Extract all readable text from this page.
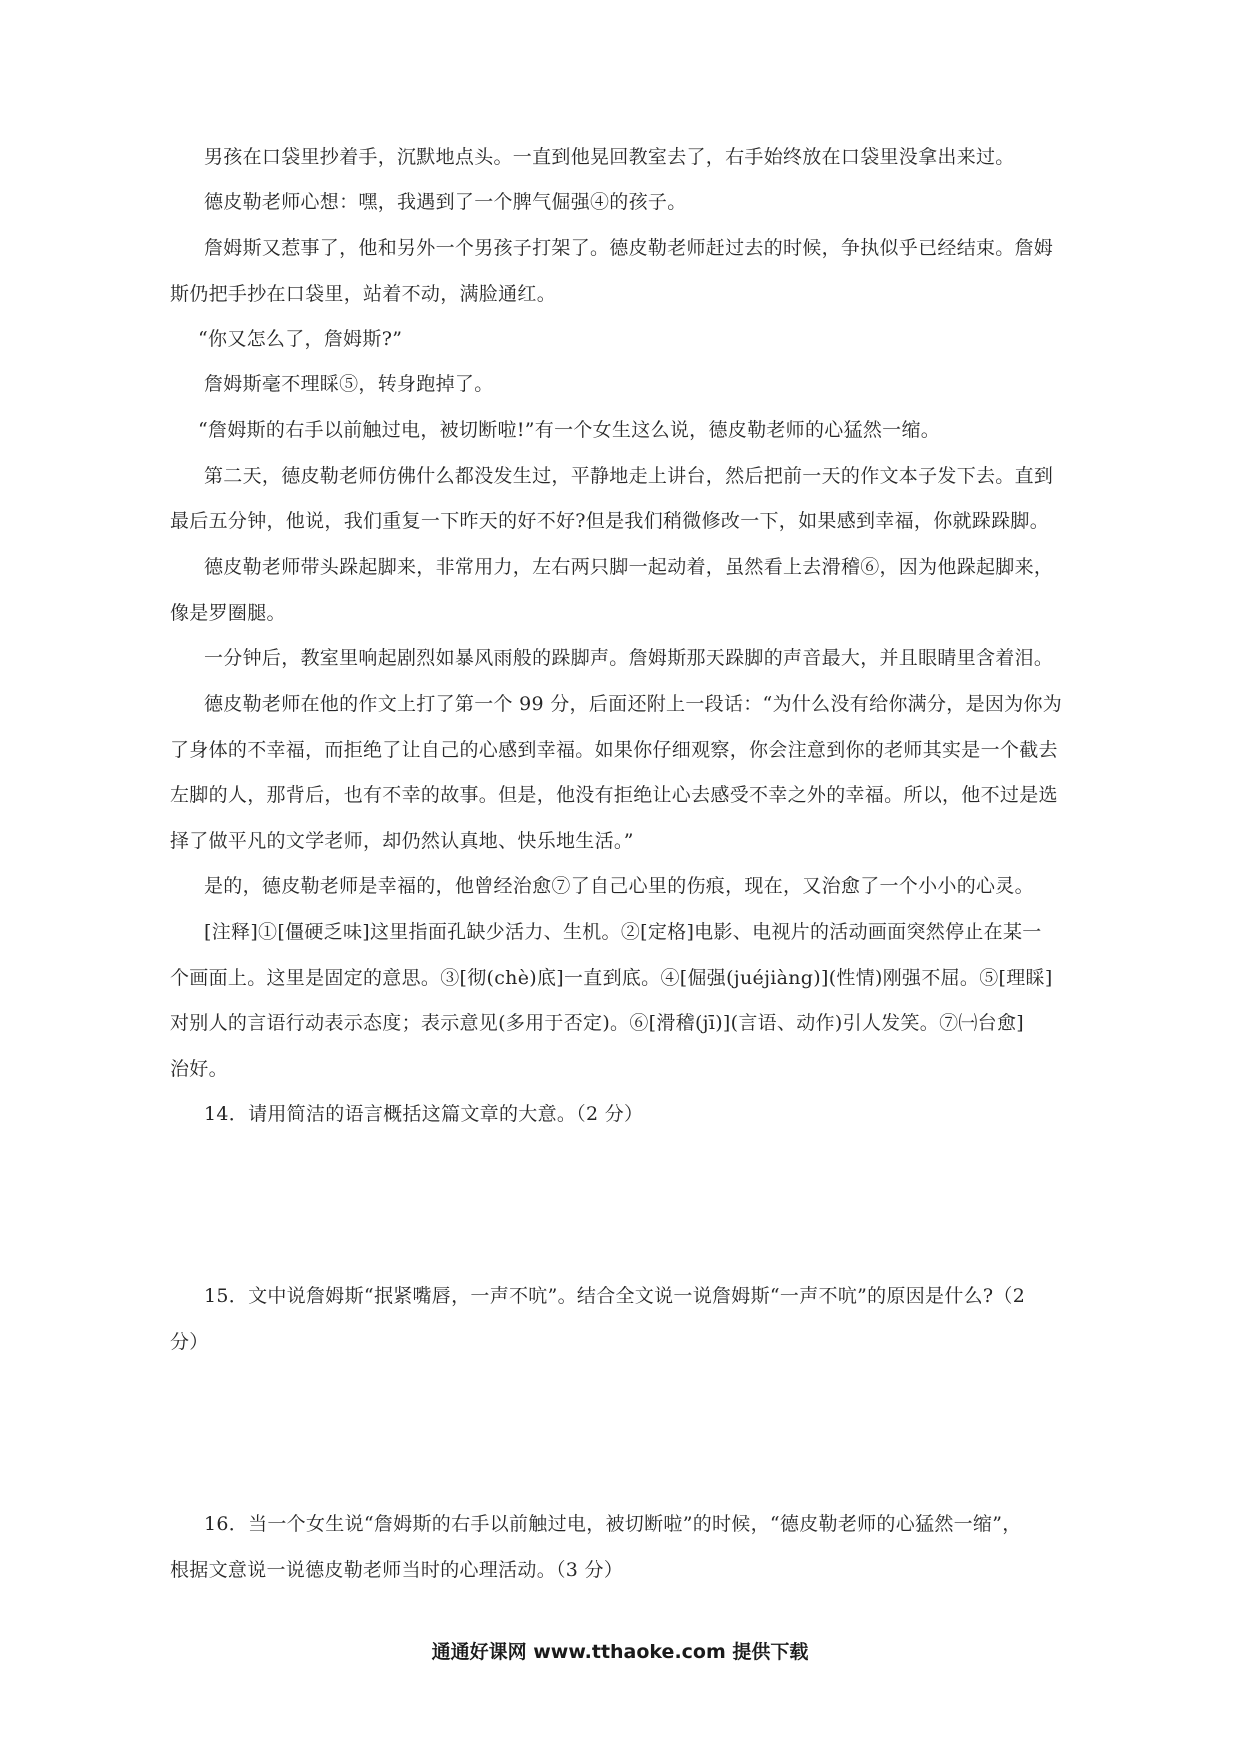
男孩在口袋里抄着手，沉默地点头。一直到他晃回教室去了，右手始终放在口袋里没拿出来过。
德皮勒老师心想：嘿，我遇到了一个脾气倔强④的孩子。
詹姆斯又惹事了，他和另外一个男孩子打架了。德皮勒老师赶过去的时候，争执似乎已经结束。詹姆
斯仍把手抄在口袋里，站着不动，满脸通红。
“你又怎么了，詹姆斯?”
詹姆斯毫不理睬⑤，转身跑掉了。
“詹姆斯的右手以前触过电，被切断啦!”有一个女生这么说，德皮勒老师的心猛然一缩。
第二天，德皮勒老师仿佛什么都没发生过，平静地走上讲台，然后把前一天的作文本子发下去。直到
最后五分钟，他说，我们重复一下昨天的好不好?但是我们稍微修改一下，如果感到幸福，你就跺跺脚。
德皮勒老师带头跺起脚来，非常用力，左右两只脚一起动着，虽然看上去滑稽⑥，因为他跺起脚来，
像是罗圈腿。
一分钟后，教室里响起剧烈如暴风雨般的跺脚声。詹姆斯那天跺脚的声音最大，并且眼睛里含着泪。
德皮勒老师在他的作文上打了第一个 99 分，后面还附上一段话：“为什么没有给你满分，是因为你为
了身体的不幸福，而拒绝了让自己的心感到幸福。如果你仔细观察，你会注意到你的老师其实是一个截去
左脚的人，那背后，也有不幸的故事。但是，他没有拒绝让心去感受不幸之外的幸福。所以，他不过是选
择了做平凡的文学老师，却仍然认真地、快乐地生活。”
是的，德皮勒老师是幸福的，他曾经治愈⑦了自己心里的伤痕，现在，又治愈了一个小小的心灵。
[注释]①[僵硬乏味]这里指面孔缺少活力、生机。②[定格]电影、电视片的活动画面突然停止在某一
个画面上。这里是固定的意思。③[彻(chè)底]一直到底。④[倔强(juéjiàng)](性情)刚强不屈。⑤[理睬]
对别人的言语行动表示态度；表示意见(多用于否定)。⑥[滑稽(jī)](言语、动作)引人发笑。⑦㈠台愈]
治好。
14．请用简洁的语言概括这篇文章的大意。（2 分）
15．文中说詹姆斯“抿紧嘴唇，一声不吭”。结合全文说一说詹姆斯“一声不吭”的原因是什么?（2
分）
16．当一个女生说“詹姆斯的右手以前触过电，被切断啦”的时候，“德皮勒老师的心猛然一缩”，
根据文意说一说德皮勒老师当时的心理活动。（3 分）
通通好课网 www.tthaoke.com 提供下载
